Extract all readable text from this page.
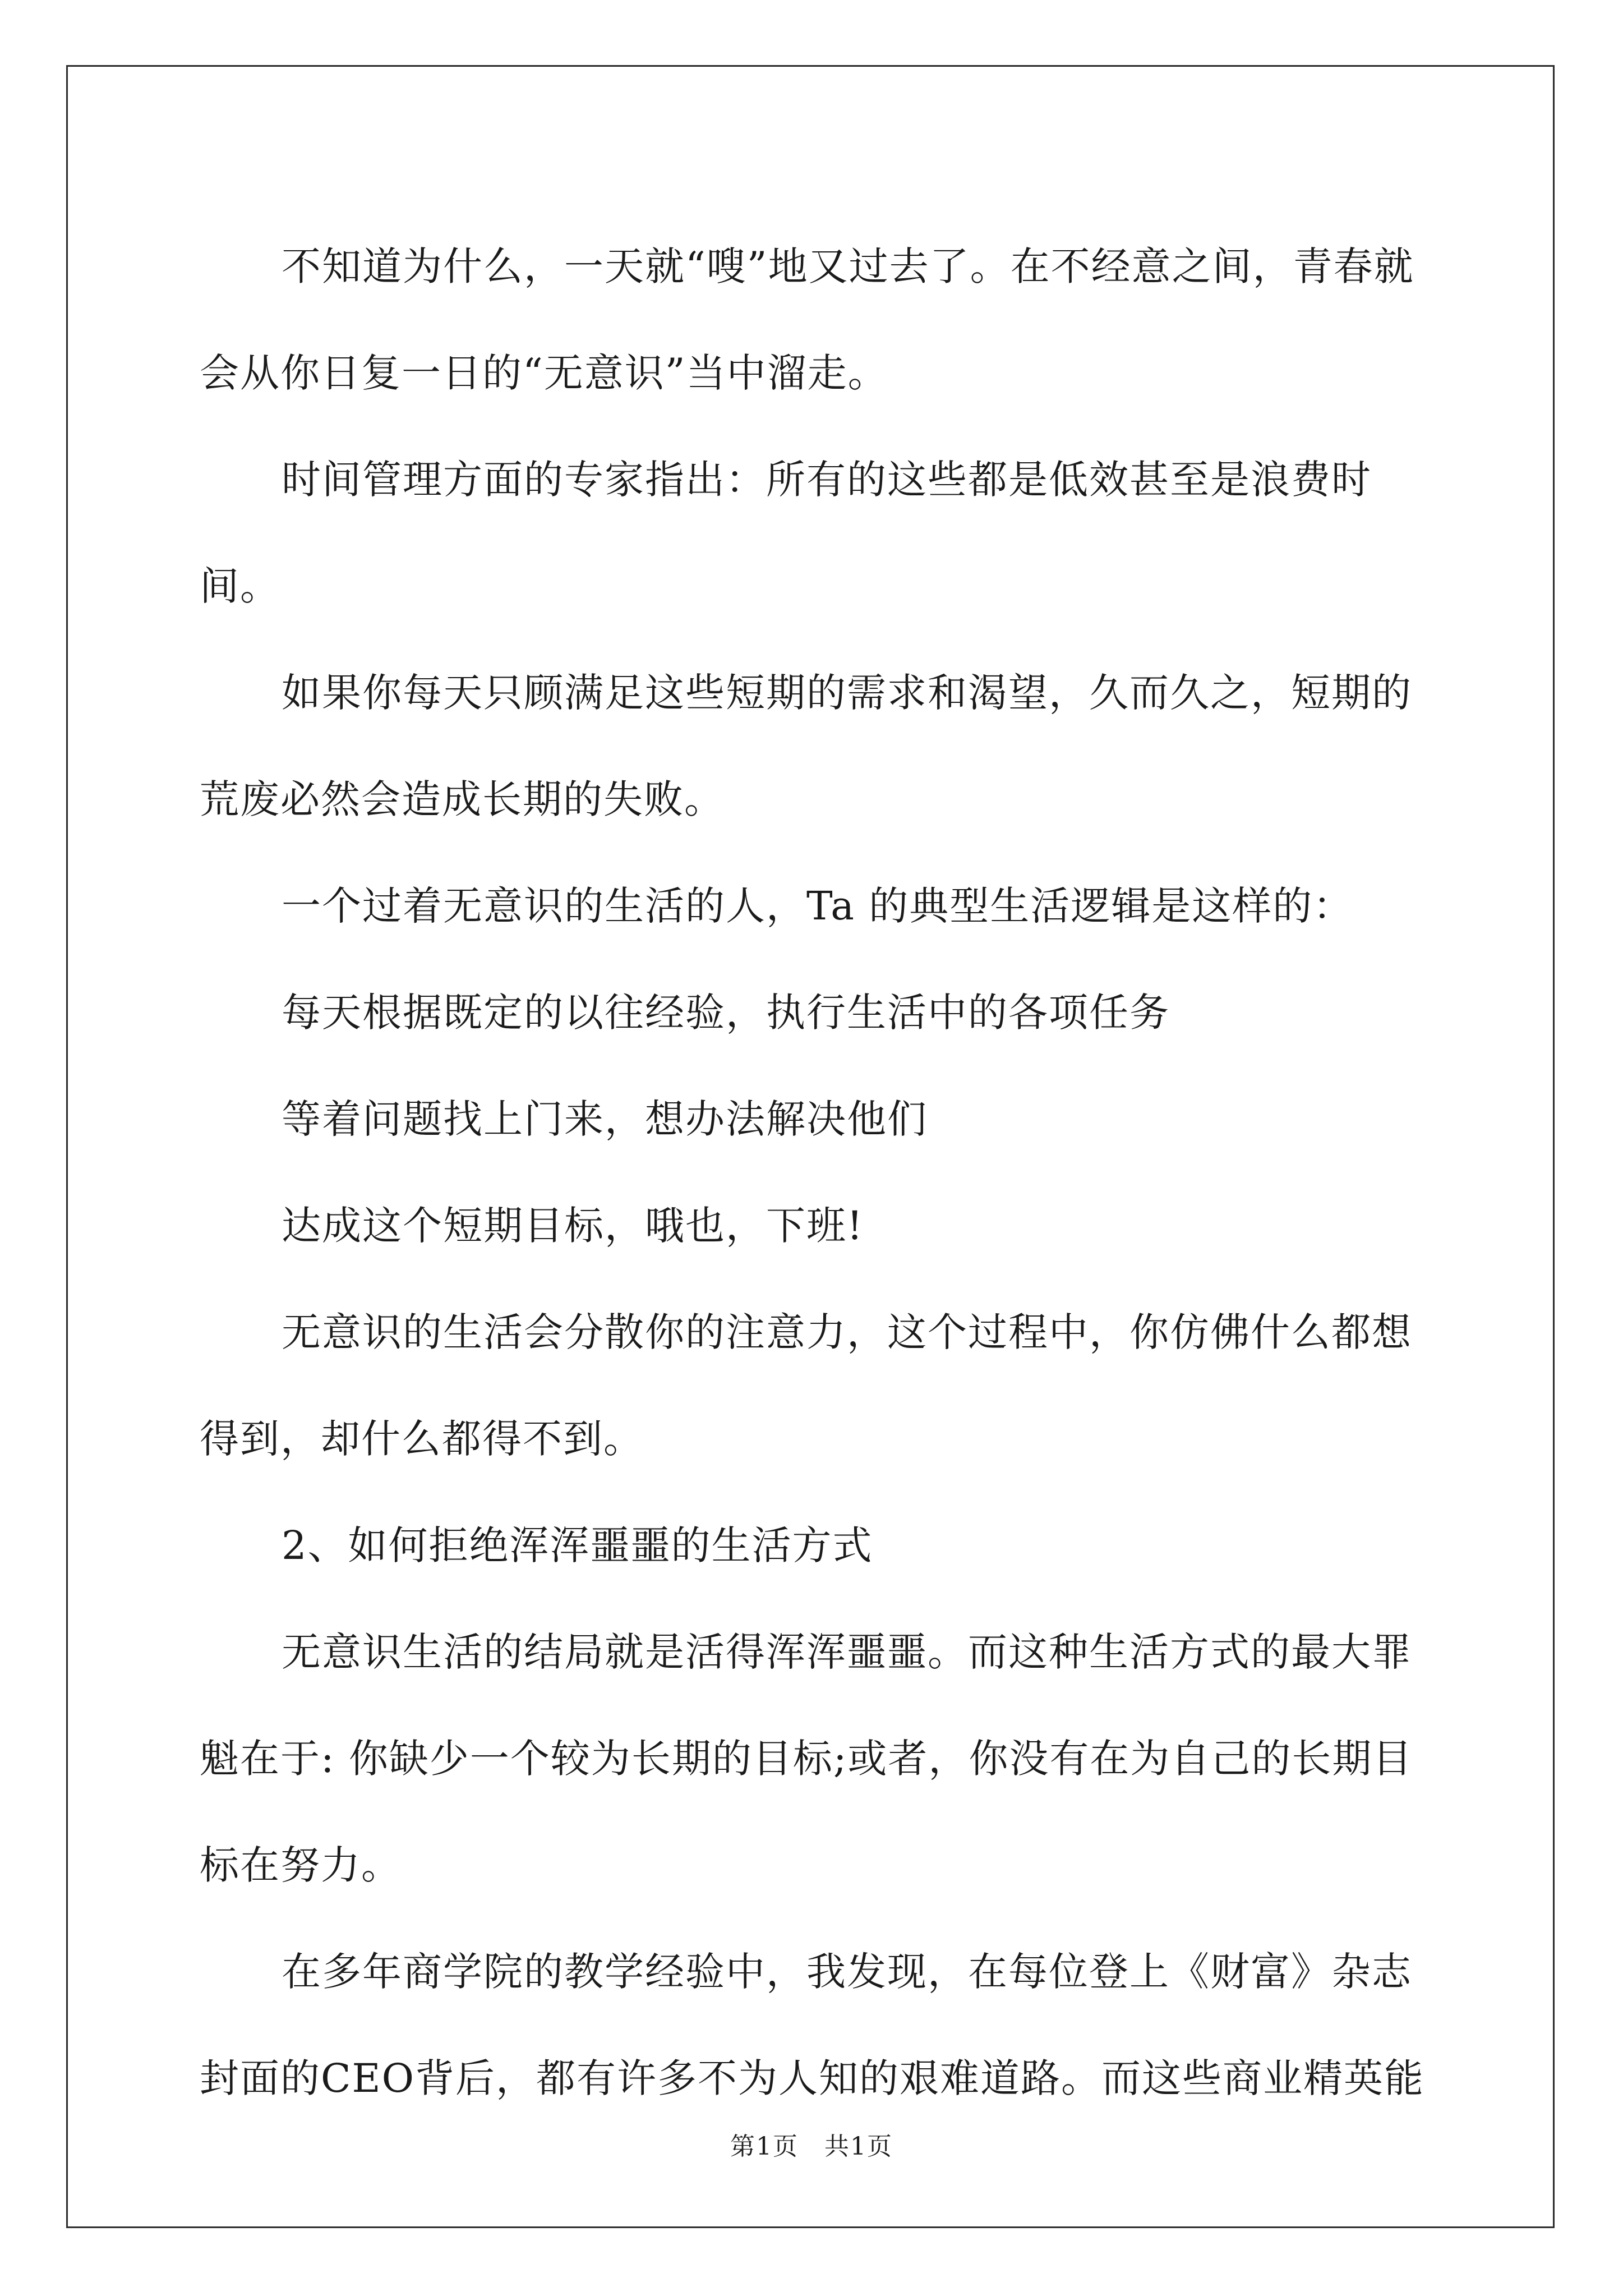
不知道为什么，一天就“嗖”地又过去了。在不经意之间，青春就会从你日复一日的“无意识”当中溜走。

时间管理方面的专家指出：所有的这些都是低效甚至是浪费时间。

如果你每天只顾满足这些短期的需求和渴望，久而久之，短期的荒废必然会造成长期的失败。

一个过着无意识的生活的人，Ta 的典型生活逻辑是这样的：

每天根据既定的以往经验，执行生活中的各项任务

等着问题找上门来，想办法解决他们

达成这个短期目标，哦也，下班!

无意识的生活会分散你的注意力，这个过程中，你仿佛什么都想得到，却什么都得不到。

2、如何拒绝浑浑噩噩的生活方式

无意识生活的结局就是活得浑浑噩噩。而这种生活方式的最大罪魁在于: 你缺少一个较为长期的目标;或者，你没有在为自己的长期目标在努力。

在多年商学院的教学经验中，我发现，在每位登上《财富》杂志封面的CEO背后，都有许多不为人知的艰难道路。而这些商业精英能

第1页　共1页
